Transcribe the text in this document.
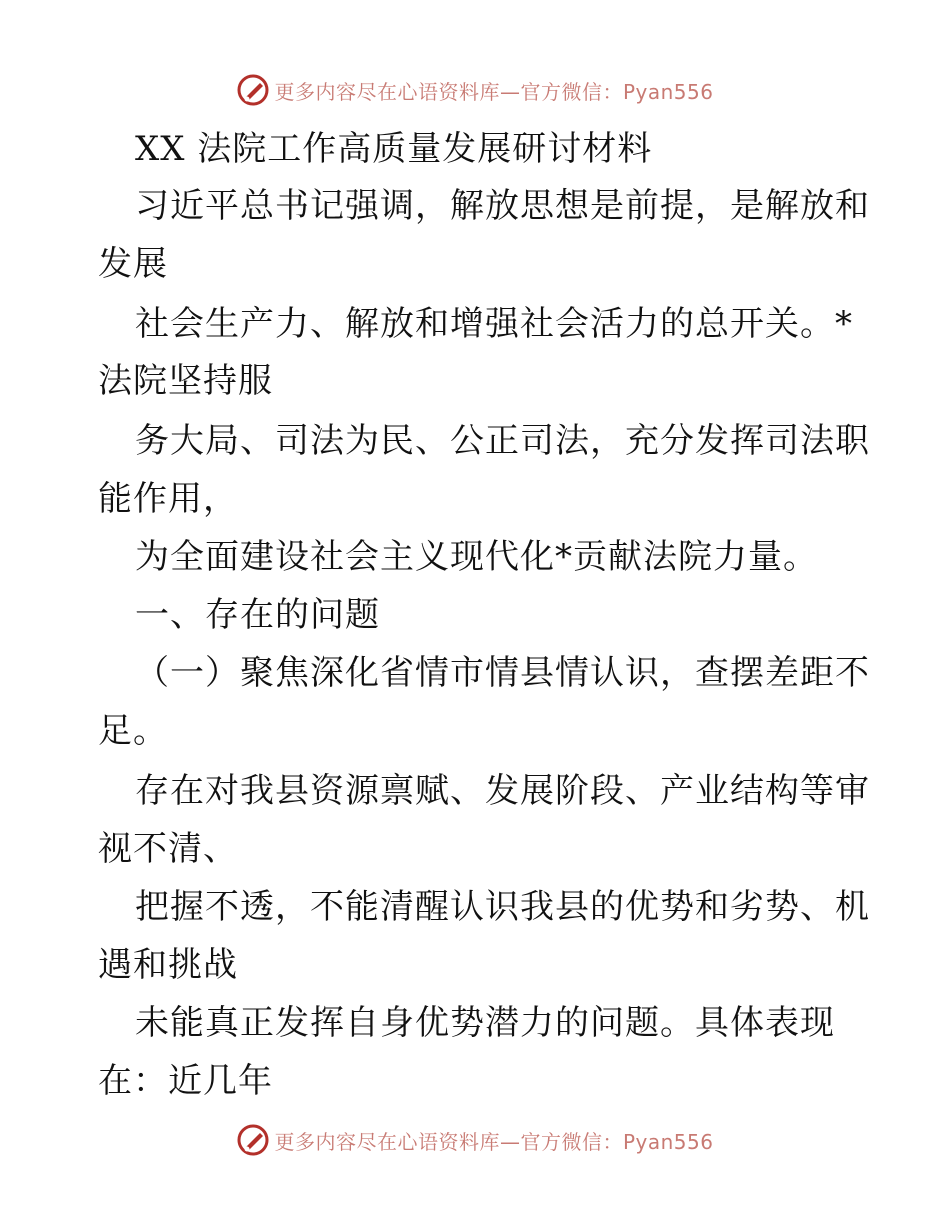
更多内容尽在心语资料库—官方微信：Pyan556
XX 法院工作高质量发展研讨材料
习近平总书记强调，解放思想是前提，是解放和
发展
社会生产力、解放和增强社会活力的总开关。*
法院坚持服
务大局、司法为民、公正司法，充分发挥司法职
能作用，
为全面建设社会主义现代化*贡献法院力量。
一、存在的问题
（一）聚焦深化省情市情县情认识，查摆差距不
足。
存在对我县资源禀赋、发展阶段、产业结构等审
视不清、
把握不透，不能清醒认识我县的优势和劣势、机
遇和挑战
未能真正发挥自身优势潜力的问题。具体表现
在：近几年
更多内容尽在心语资料库—官方微信：Pyan556
